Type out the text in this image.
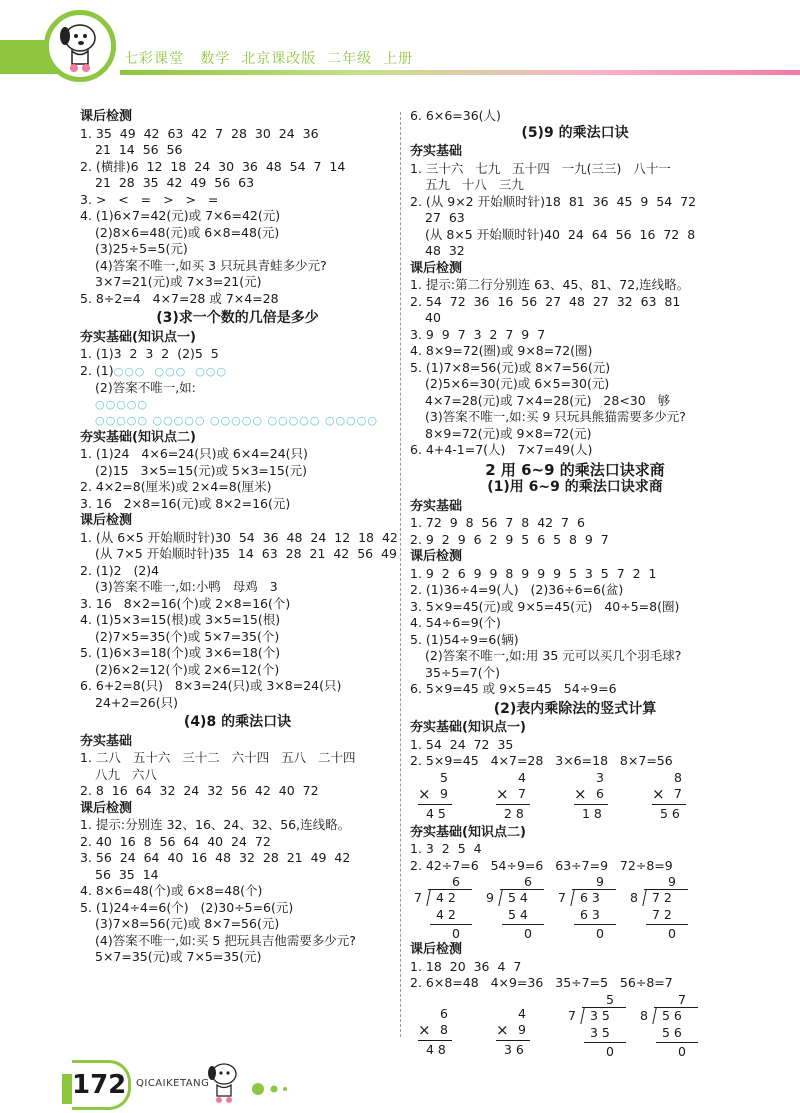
七彩课堂 数学 北京课改版 二年级 上册
课后检测
1. 35  49  42  63  42  7  28  30  24  36
21  14  56  56
2. (横排)6  12  18  24  30  36  48  54  7  14
21  28  35  42  49  56  63
3. >   <   =   >   >   =
4. (1)6×7=42(元)或 7×6=42(元)
(2)8×6=48(元)或 6×8=48(元)
(3)25÷5=5(元)
(4)答案不唯一,如买 3 只玩具青蛙多少元?
3×7=21(元)或 7×3=21(元)
5. 8÷2=4   4×7=28 或 7×4=28
(3)求一个数的几倍是多少
夯实基础(知识点一)
1. (1)3  2  3  2  (2)5  5
2. (1)○○○  ○○○  ○○○
(2)答案不唯一,如:
○○○○○
○○○○○ ○○○○○ ○○○○○ ○○○○○ ○○○○○
夯实基础(知识点二)
1. (1)24   4×6=24(只)或 6×4=24(只)
(2)15   3×5=15(元)或 5×3=15(元)
2. 4×2=8(厘米)或 2×4=8(厘米)
3. 16   2×8=16(元)或 8×2=16(元)
课后检测
1. (从 6×5 开始顺时针)30  54  36  48  24  12  18  42
(从 7×5 开始顺时针)35  14  63  28  21  42  56  49
2. (1)2   (2)4
(3)答案不唯一,如:小鸭   母鸡   3
3. 16   8×2=16(个)或 2×8=16(个)
4. (1)5×3=15(根)或 3×5=15(根)
(2)7×5=35(个)或 5×7=35(个)
5. (1)6×3=18(个)或 3×6=18(个)
(2)6×2=12(个)或 2×6=12(个)
6. 6+2=8(只)   8×3=24(只)或 3×8=24(只)
24+2=26(只)
(4)8 的乘法口诀
夯实基础
1. 二八   五十六   三十二   六十四   五八   二十四
八九   六八
2. 8  16  64  32  24  32  56  42  40  72
课后检测
1. 提示:分别连 32、16、24、32、56,连线略。
2. 40  16  8  56  64  40  24  72
3. 56  24  64  40  16  48  32  28  21  49  42
56  35  14
4. 8×6=48(个)或 6×8=48(个)
5. (1)24÷4=6(个)   (2)30÷5=6(元)
(3)7×8=56(元)或 8×7=56(元)
(4)答案不唯一,如:买 5 把玩具吉他需要多少元?
5×7=35(元)或 7×5=35(元)
6. 6×6=36(人)
(5)9 的乘法口诀
夯实基础
1. 三十六   七九   五十四   一九(三三)   八十一
五九   十八   三九
2. (从 9×2 开始顺时针)18  81  36  45  9  54  72
27  63
(从 8×5 开始顺时针)40  24  64  56  16  72  8
48  32
课后检测
1. 提示:第二行分别连 63、45、81、72,连线略。
2. 54  72  36  16  56  27  48  27  32  63  81
40
3. 9  9  7  3  2  7  9  7
4. 8×9=72(圈)或 9×8=72(圈)
5. (1)7×8=56(元)或 8×7=56(元)
(2)5×6=30(元)或 6×5=30(元)
4×7=28(元)或 7×4=28(元)   28<30   够
(3)答案不唯一,如:买 9 只玩具熊猫需要多少元?
8×9=72(元)或 9×8=72(元)
6. 4+4-1=7(人)   7×7=49(人)
2 用 6~9 的乘法口诀求商
(1)用 6~9 的乘法口诀求商
夯实基础
1. 72  9  8  56  7  8  42  7  6
2. 9  2  9  6  2  9  5  6  5  8  9  7
课后检测
1. 9  2  6  9  9  8  9  9  9  5  3  5  7  2  1
2. (1)36÷4=9(人)   (2)36÷6=6(盆)
3. 5×9=45(元)或 9×5=45(元)   40÷5=8(圈)
4. 54÷6=9(个)
5. (1)54÷9=6(辆)
(2)答案不唯一,如:用 35 元可以买几个羽毛球?
35÷5=7(个)
6. 5×9=45 或 9×5=45   54÷9=6
(2)表内乘除法的竖式计算
夯实基础(知识点一)
1. 54  24  72  35
2. 5×9=45   4×7=28   3×6=18   8×7=56
5
× 9
4 5
4
× 7
2 8
3
× 6
1 8
8
× 7
5 6
夯实基础(知识点二)
1. 3  2  5  4
2. 42÷7=6   54÷9=6   63÷7=9   72÷8=9
6
7 4 2
4 2
0
6
9 5 4
5 4
0
9
7 6 3
6 3
0
9
8 7 2
7 2
0
课后检测
1. 18  20  36  4  7
2. 6×8=48   4×9=36   35÷7=5   56÷8=7
6
× 8
4 8
4
× 9
3 6
5
7 3 5
3 5
0
7
8 5 6
5 6
0
172 QICAIKETANG
